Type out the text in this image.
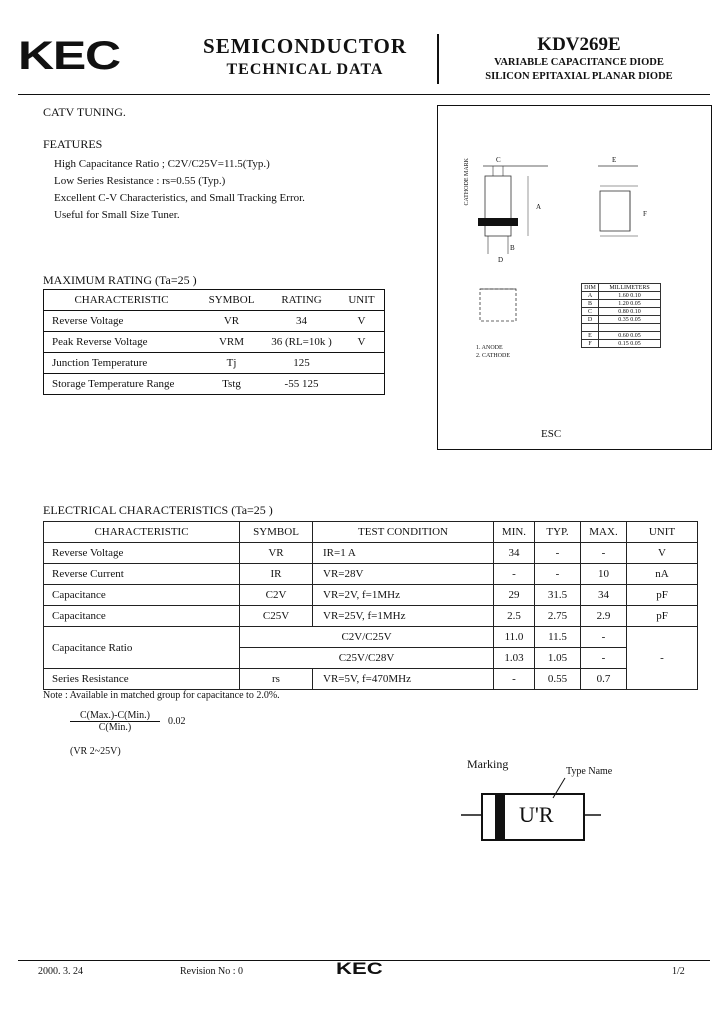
KEC	SEMICONDUCTOR
TECHNICAL DATA
KDV269E
VARIABLE CAPACITANCE DIODE
SILICON EPITAXIAL PLANAR DIODE
CATV TUNING.
FEATURES
High Capacitance Ratio ; C2V/C25V=11.5(Typ.)
Low Series Resistance : rs=0.55 (Typ.)
Excellent C-V Characteristics, and Small Tracking Error.
Useful for Small Size Tuner.
MAXIMUM RATING (Ta=25 )
CHARACTERISTIC	SYMBOL	RATING	UNIT
Reverse Voltage	VR	34	V
Peak Reverse Voltage	VRM	36 (RL=10k )	V
Junction Temperature	Tj	125	
Storage Temperature Range	Tstg	-55 125	
CATHODE MARK	C
A
B
D
E
F
1. ANODE
2. CATHODE
DIM	MILLIMETERS
A	1.60 0.10
B	1.20 0.05
C	0.80 0.10
D	0.35 0.05

E	0.60 0.05
F	0.15 0.05
ESC
ELECTRICAL CHARACTERISTICS (Ta=25 )
CHARACTERISTIC	SYMBOL	TEST CONDITION	MIN.	TYP.	MAX.	UNIT
Reverse Voltage	VR	IR=1 A	34	-	-	V
Reverse Current	IR	VR=28V	-	-	10	nA
Capacitance	C2V	VR=2V, f=1MHz	29	31.5	34	pF
Capacitance	C25V	VR=25V, f=1MHz	2.5	2.75	2.9	pF
Capacitance Ratio	C2V/C25V		11.0	11.5	-	-
	C25V/C28V		1.03	1.05	-	
Series Resistance	rs	VR=5V, f=470MHz	-	0.55	0.7	
Note : Available in matched group for capacitance to 2.0%.
C(Max.)-C(Min.)
C(Min.)
0.02
(VR 2~25V)
Marking
Type Name
U'R
2000. 3. 24	Revision No : 0	KEC	1/2
